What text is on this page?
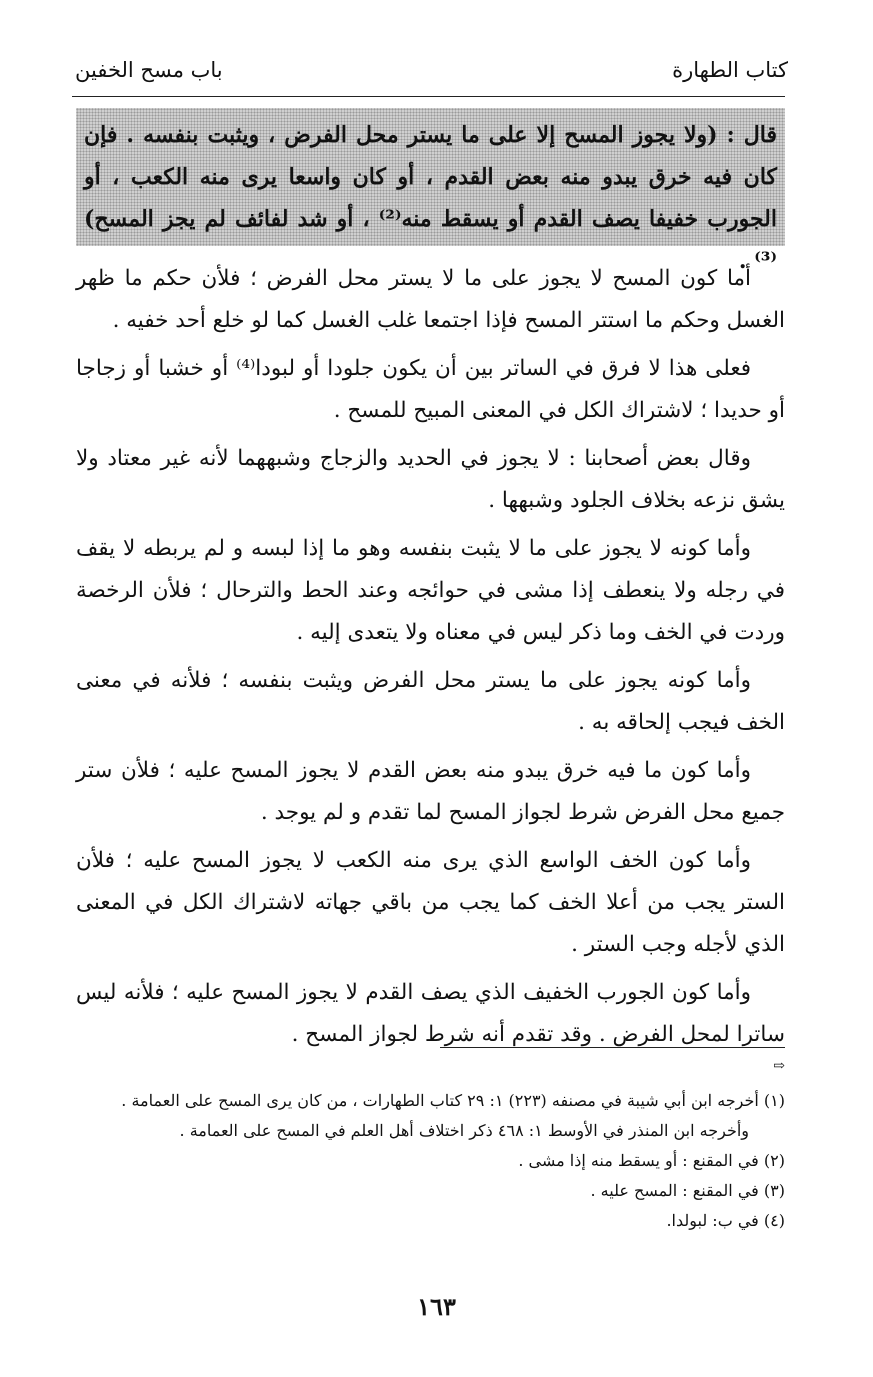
كتاب الطهارة
باب مسح الخفين

قال : (ولا يجوز المسح إلا على ما يستر محل الفرض ، ويثبت بنفسه . فإن كان فيه خرق يبدو منه بعض القدم ، أو كان واسعا يرى منه الكعب ، أو الجورب خفيفا يصف القدم أو يسقط منه⁽²⁾ ، أو شد لفائف لم يجز المسح)⁽³⁾ .

أما كون المسح لا يجوز على ما لا يستر محل الفرض ؛ فلأن حكم ما ظهر الغسل وحكم ما استتر المسح فإذا اجتمعا غلب الغسل كما لو خلع أحد خفيه .

فعلى هذا لا فرق في الساتر بين أن يكون جلودا أو لبودا⁽⁴⁾ أو خشبا أو زجاجا أو حديدا ؛ لاشتراك الكل في المعنى المبيح للمسح .

وقال بعض أصحابنا : لا يجوز في الحديد والزجاج وشبههما لأنه غير معتاد ولا يشق نزعه بخلاف الجلود وشبهها .

وأما كونه لا يجوز على ما لا يثبت بنفسه وهو ما إذا لبسه و لم يربطه لا يقف في رجله ولا ينعطف إذا مشى في حوائجه وعند الحط والترحال ؛ فلأن الرخصة وردت في الخف وما ذكر ليس في معناه ولا يتعدى إليه .

وأما كونه يجوز على ما يستر محل الفرض ويثبت بنفسه ؛ فلأنه في معنى الخف فيجب إلحاقه به .

وأما كون ما فيه خرق يبدو منه بعض القدم لا يجوز المسح عليه ؛ فلأن ستر جميع محل الفرض شرط لجواز المسح لما تقدم و لم يوجد .

وأما كون الخف الواسع الذي يرى منه الكعب لا يجوز المسح عليه ؛ فلأن الستر يجب من أعلا الخف كما يجب من باقي جهاته لاشتراك الكل في المعنى الذي لأجله وجب الستر .

وأما كون الجورب الخفيف الذي يصف القدم لا يجوز المسح عليه ؛ فلأنه ليس ساترا لمحل الفرض . وقد تقدم أنه شرط لجواز المسح .

⇨

(١) أخرجه ابن أبي شيبة في مصنفه (٢٢٣) ١: ٢٩ كتاب الطهارات ، من كان يرى المسح على العمامة .

وأخرجه ابن المنذر في الأوسط ١: ٤٦٨ ذكر اختلاف أهل العلم في المسح على العمامة .

(٢) في المقنع : أو يسقط منه إذا مشى .

(٣) في المقنع : المسح عليه .

(٤) في ب: لبولدا.

١٦٣
